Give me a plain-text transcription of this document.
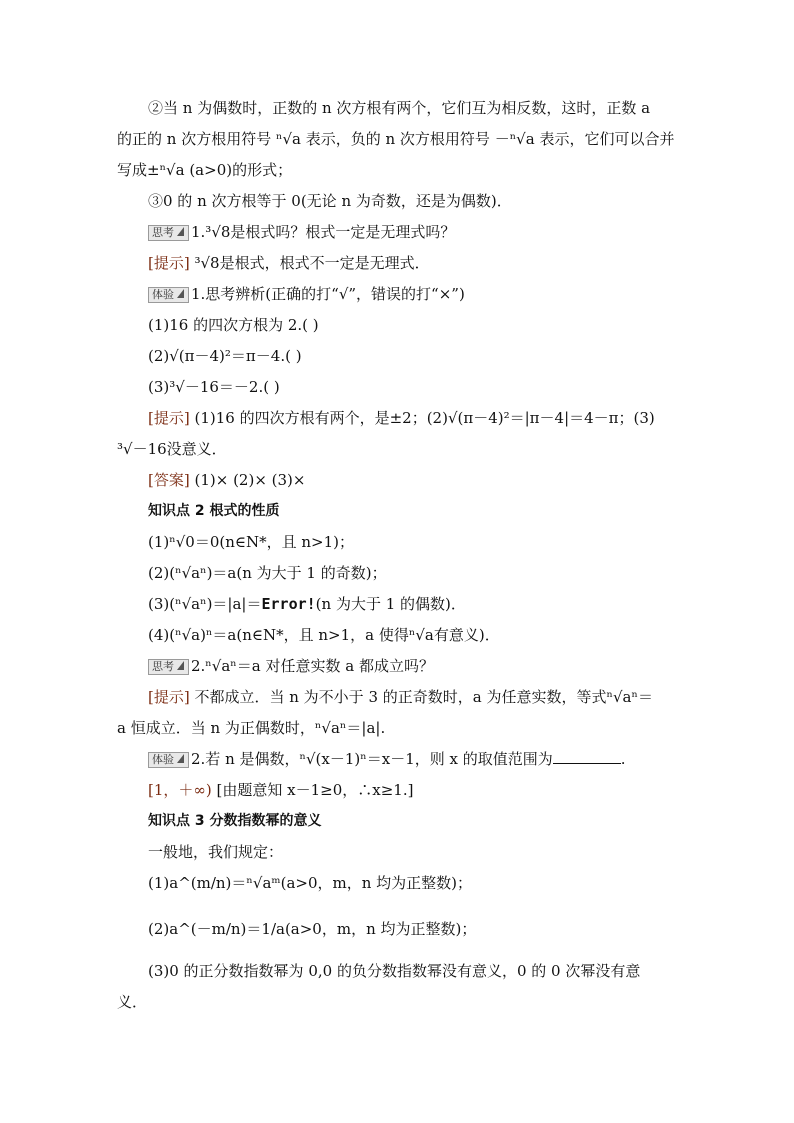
②当 n 为偶数时，正数的 n 次方根有两个，它们互为相反数，这时，正数 a
的正的 n 次方根用符号 ⁿ√a 表示，负的 n 次方根用符号 －ⁿ√a 表示，它们可以合并
写成±ⁿ√a (a>0)的形式；
③0 的 n 次方根等于 0(无论 n 为奇数，还是为偶数)．
思考 1.³√8是根式吗？根式一定是无理式吗？
[提示] ³√8是根式，根式不一定是无理式．
体验 1.思考辨析(正确的打“√”，错误的打“×”)
(1)16 的四次方根为 2.( )
(2)√(π－4)²＝π－4.( )
(3)³√－16＝－2.( )
[提示] (1)16 的四次方根有两个，是±2；(2)√(π－4)²＝|π－4|＝4－π；(3)
³√－16没意义．
[答案] (1)× (2)× (3)×
知识点 2 根式的性质
(1)ⁿ√0＝0(n∈N*，且 n>1)；
(2)(ⁿ√aⁿ)＝a(n 为大于 1 的奇数)；
(3)(ⁿ√aⁿ)＝|a|＝Error!(n 为大于 1 的偶数)．
(4)(ⁿ√a)ⁿ＝a(n∈N*，且 n>1，a 使得ⁿ√a有意义)．
思考 2.ⁿ√aⁿ＝a 对任意实数 a 都成立吗？
[提示] 不都成立．当 n 为不小于 3 的正奇数时，a 为任意实数，等式ⁿ√aⁿ＝
a 恒成立．当 n 为正偶数时，ⁿ√aⁿ＝|a|.
体验 2.若 n 是偶数，ⁿ√(x－1)ⁿ＝x－1，则 x 的取值范围为	.
[1，＋∞) [由题意知 x－1≥0，∴x≥1.]
知识点 3 分数指数幂的意义
一般地，我们规定：
(1)a^(m/n)＝ⁿ√aᵐ(a>0，m，n 均为正整数)；
(2)a^(－m/n)＝1/a(a>0，m，n 均为正整数)；
(3)0 的正分数指数幂为 0,0 的负分数指数幂没有意义，0 的 0 次幂没有意
义．
